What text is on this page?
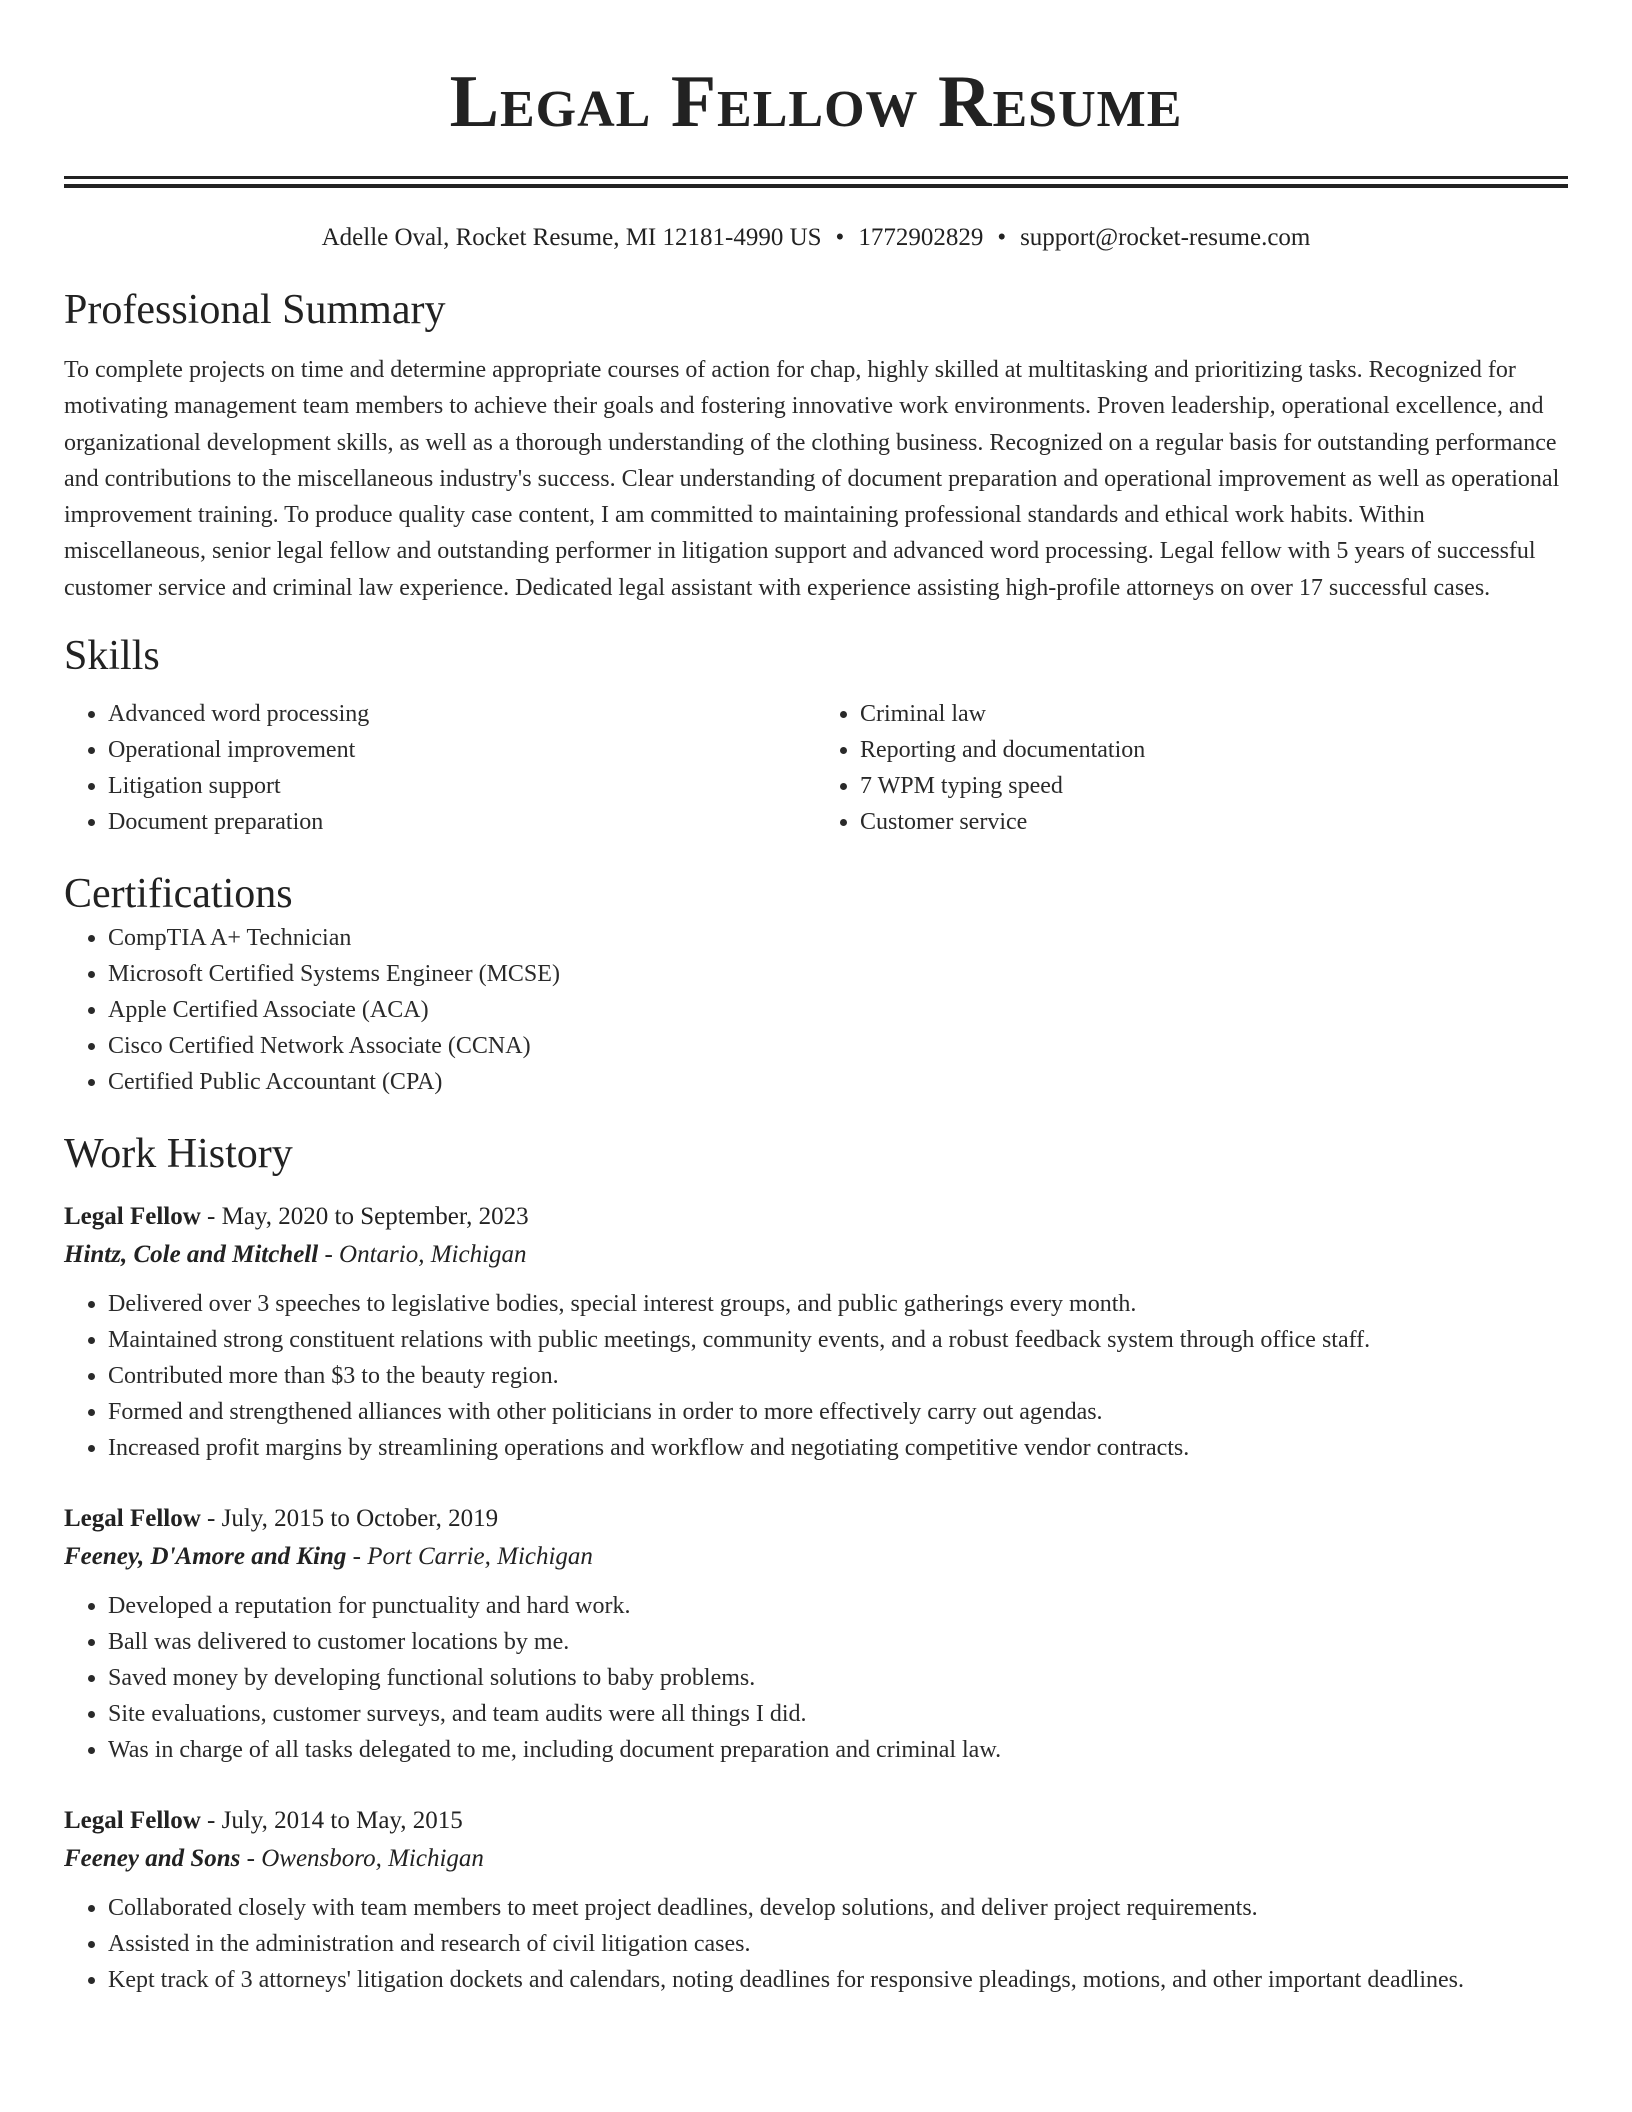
Legal Fellow Resume
Adelle Oval, Rocket Resume, MI 12181-4990 US • 1772902829 • support@rocket-resume.com
Professional Summary

To complete projects on time and determine appropriate courses of action for chap, highly skilled at multitasking and prioritizing tasks. Recognized for motivating management team members to achieve their goals and fostering innovative work environments. Proven leadership, operational excellence, and organizational development skills, as well as a thorough understanding of the clothing business. Recognized on a regular basis for outstanding performance and contributions to the miscellaneous industry's success. Clear understanding of document preparation and operational improvement as well as operational improvement training. To produce quality case content, I am committed to maintaining professional standards and ethical work habits. Within miscellaneous, senior legal fellow and outstanding performer in litigation support and advanced word processing. Legal fellow with 5 years of successful customer service and criminal law experience. Dedicated legal assistant with experience assisting high-profile attorneys on over 17 successful cases.

Skills
• Advanced word processing
• Operational improvement
• Litigation support
• Document preparation
• Criminal law
• Reporting and documentation
• 7 WPM typing speed
• Customer service
Certifications
• CompTIA A+ Technician
• Microsoft Certified Systems Engineer (MCSE)
• Apple Certified Associate (ACA)
• Cisco Certified Network Associate (CCNA)
• Certified Public Accountant (CPA)
Work History
Legal Fellow - May, 2020 to September, 2023
Hintz, Cole and Mitchell - Ontario, Michigan
• Delivered over 3 speeches to legislative bodies, special interest groups, and public gatherings every month.
• Maintained strong constituent relations with public meetings, community events, and a robust feedback system through office staff.
• Contributed more than $3 to the beauty region.
• Formed and strengthened alliances with other politicians in order to more effectively carry out agendas.
• Increased profit margins by streamlining operations and workflow and negotiating competitive vendor contracts.
Legal Fellow - July, 2015 to October, 2019
Feeney, D'Amore and King - Port Carrie, Michigan
• Developed a reputation for punctuality and hard work.
• Ball was delivered to customer locations by me.
• Saved money by developing functional solutions to baby problems.
• Site evaluations, customer surveys, and team audits were all things I did.
• Was in charge of all tasks delegated to me, including document preparation and criminal law.
Legal Fellow - July, 2014 to May, 2015
Feeney and Sons - Owensboro, Michigan
• Collaborated closely with team members to meet project deadlines, develop solutions, and deliver project requirements.
• Assisted in the administration and research of civil litigation cases.
• Kept track of 3 attorneys' litigation dockets and calendars, noting deadlines for responsive pleadings, motions, and other important deadlines.
